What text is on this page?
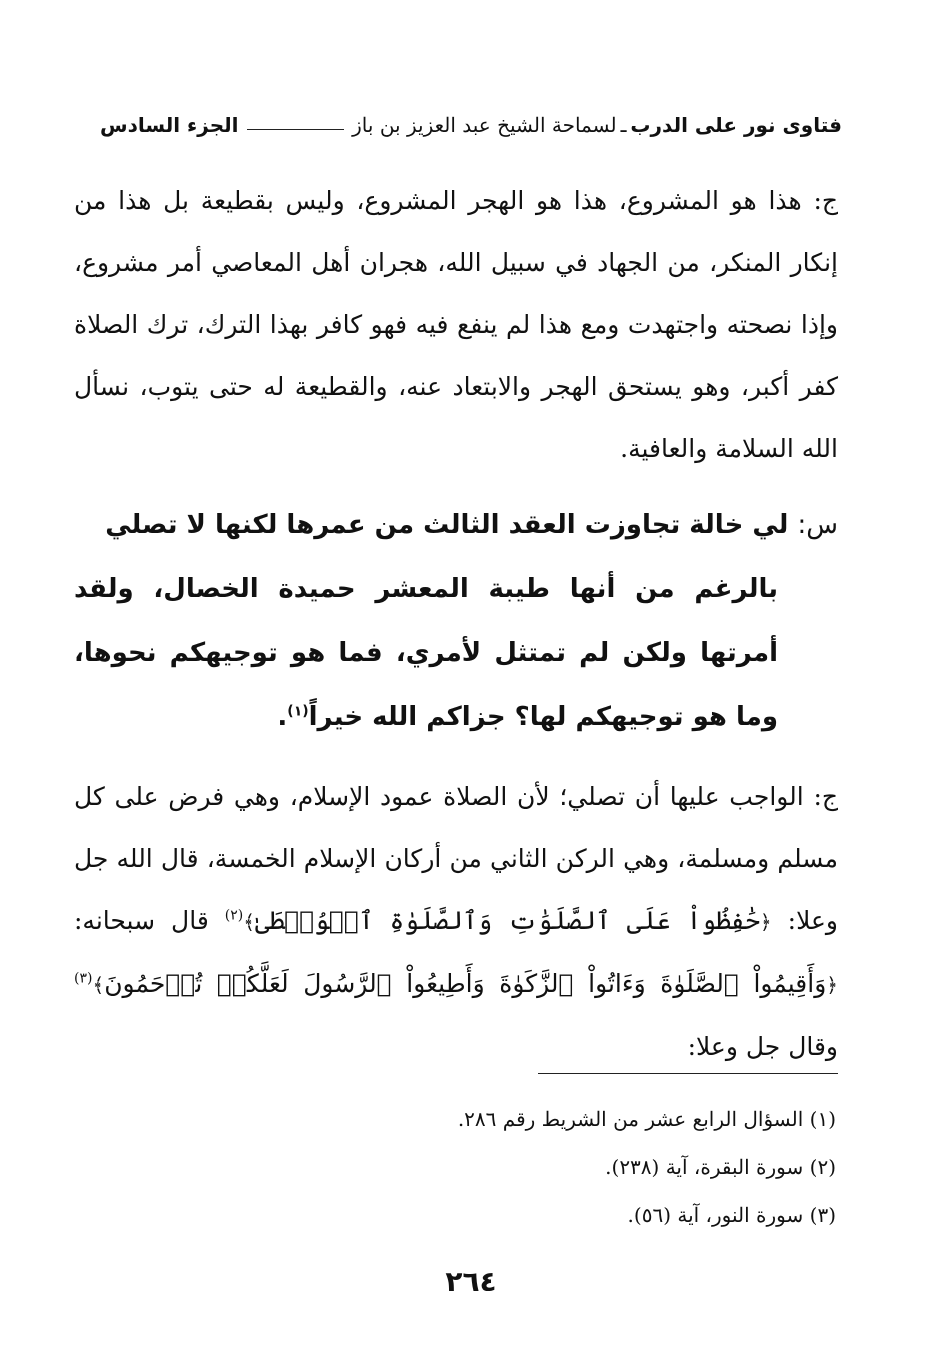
فتاوى نور على الدرب
ـ
لسماحة الشيخ عبد العزيز بن باز
الجزء السادس
ج: هذا هو المشروع، هذا هو الهجر المشروع، وليس بقطيعة بل هذا من إنكار المنكر، من الجهاد في سبيل الله، هجران أهل المعاصي أمر مشروع، وإذا نصحته واجتهدت ومع هذا لم ينفع فيه فهو كافر بهذا الترك، ترك الصلاة كفر أكبر، وهو يستحق الهجر والابتعاد عنه، والقطيعة له حتى يتوب، نسأل الله السلامة والعافية.
س: لي خالة تجاوزت العقد الثالث من عمرها لكنها لا تصلي
بالرغم من أنها طيبة المعشر حميدة الخصال، ولقد أمرتها ولكن لم تمتثل لأمري، فما هو توجيهكم نحوها، وما هو توجيهكم لها؟ جزاكم الله خيراً$^{(١)}$.
ج: الواجب عليها أن تصلي؛ لأن الصلاة عمود الإسلام، وهي فرض على كل مسلم ومسلمة، وهي الركن الثاني من أركان الإسلام الخمسة، قال الله جل وعلا: ﴿حَٰفِظُواْ عَلَى ٱلصَّلَوَٰتِ وَٱلصَّلَوٰةِ ٱلۡوُسۡطَىٰ﴾$^{(٢)}$ قال سبحانه: ﴿وَأَقِيمُواْ ٱلصَّلَوٰةَ وَءَاتُواْ ٱلزَّكَوٰةَ وَأَطِيعُواْ ٱلرَّسُولَ لَعَلَّكُمۡ تُرۡحَمُونَ﴾$^{(٣)}$ وقال جل وعلا:
(١) السؤال الرابع عشر من الشريط رقم ٢٨٦.
(٢) سورة البقرة، آية (٢٣٨).
(٣) سورة النور، آية (٥٦).
٢٦٤
